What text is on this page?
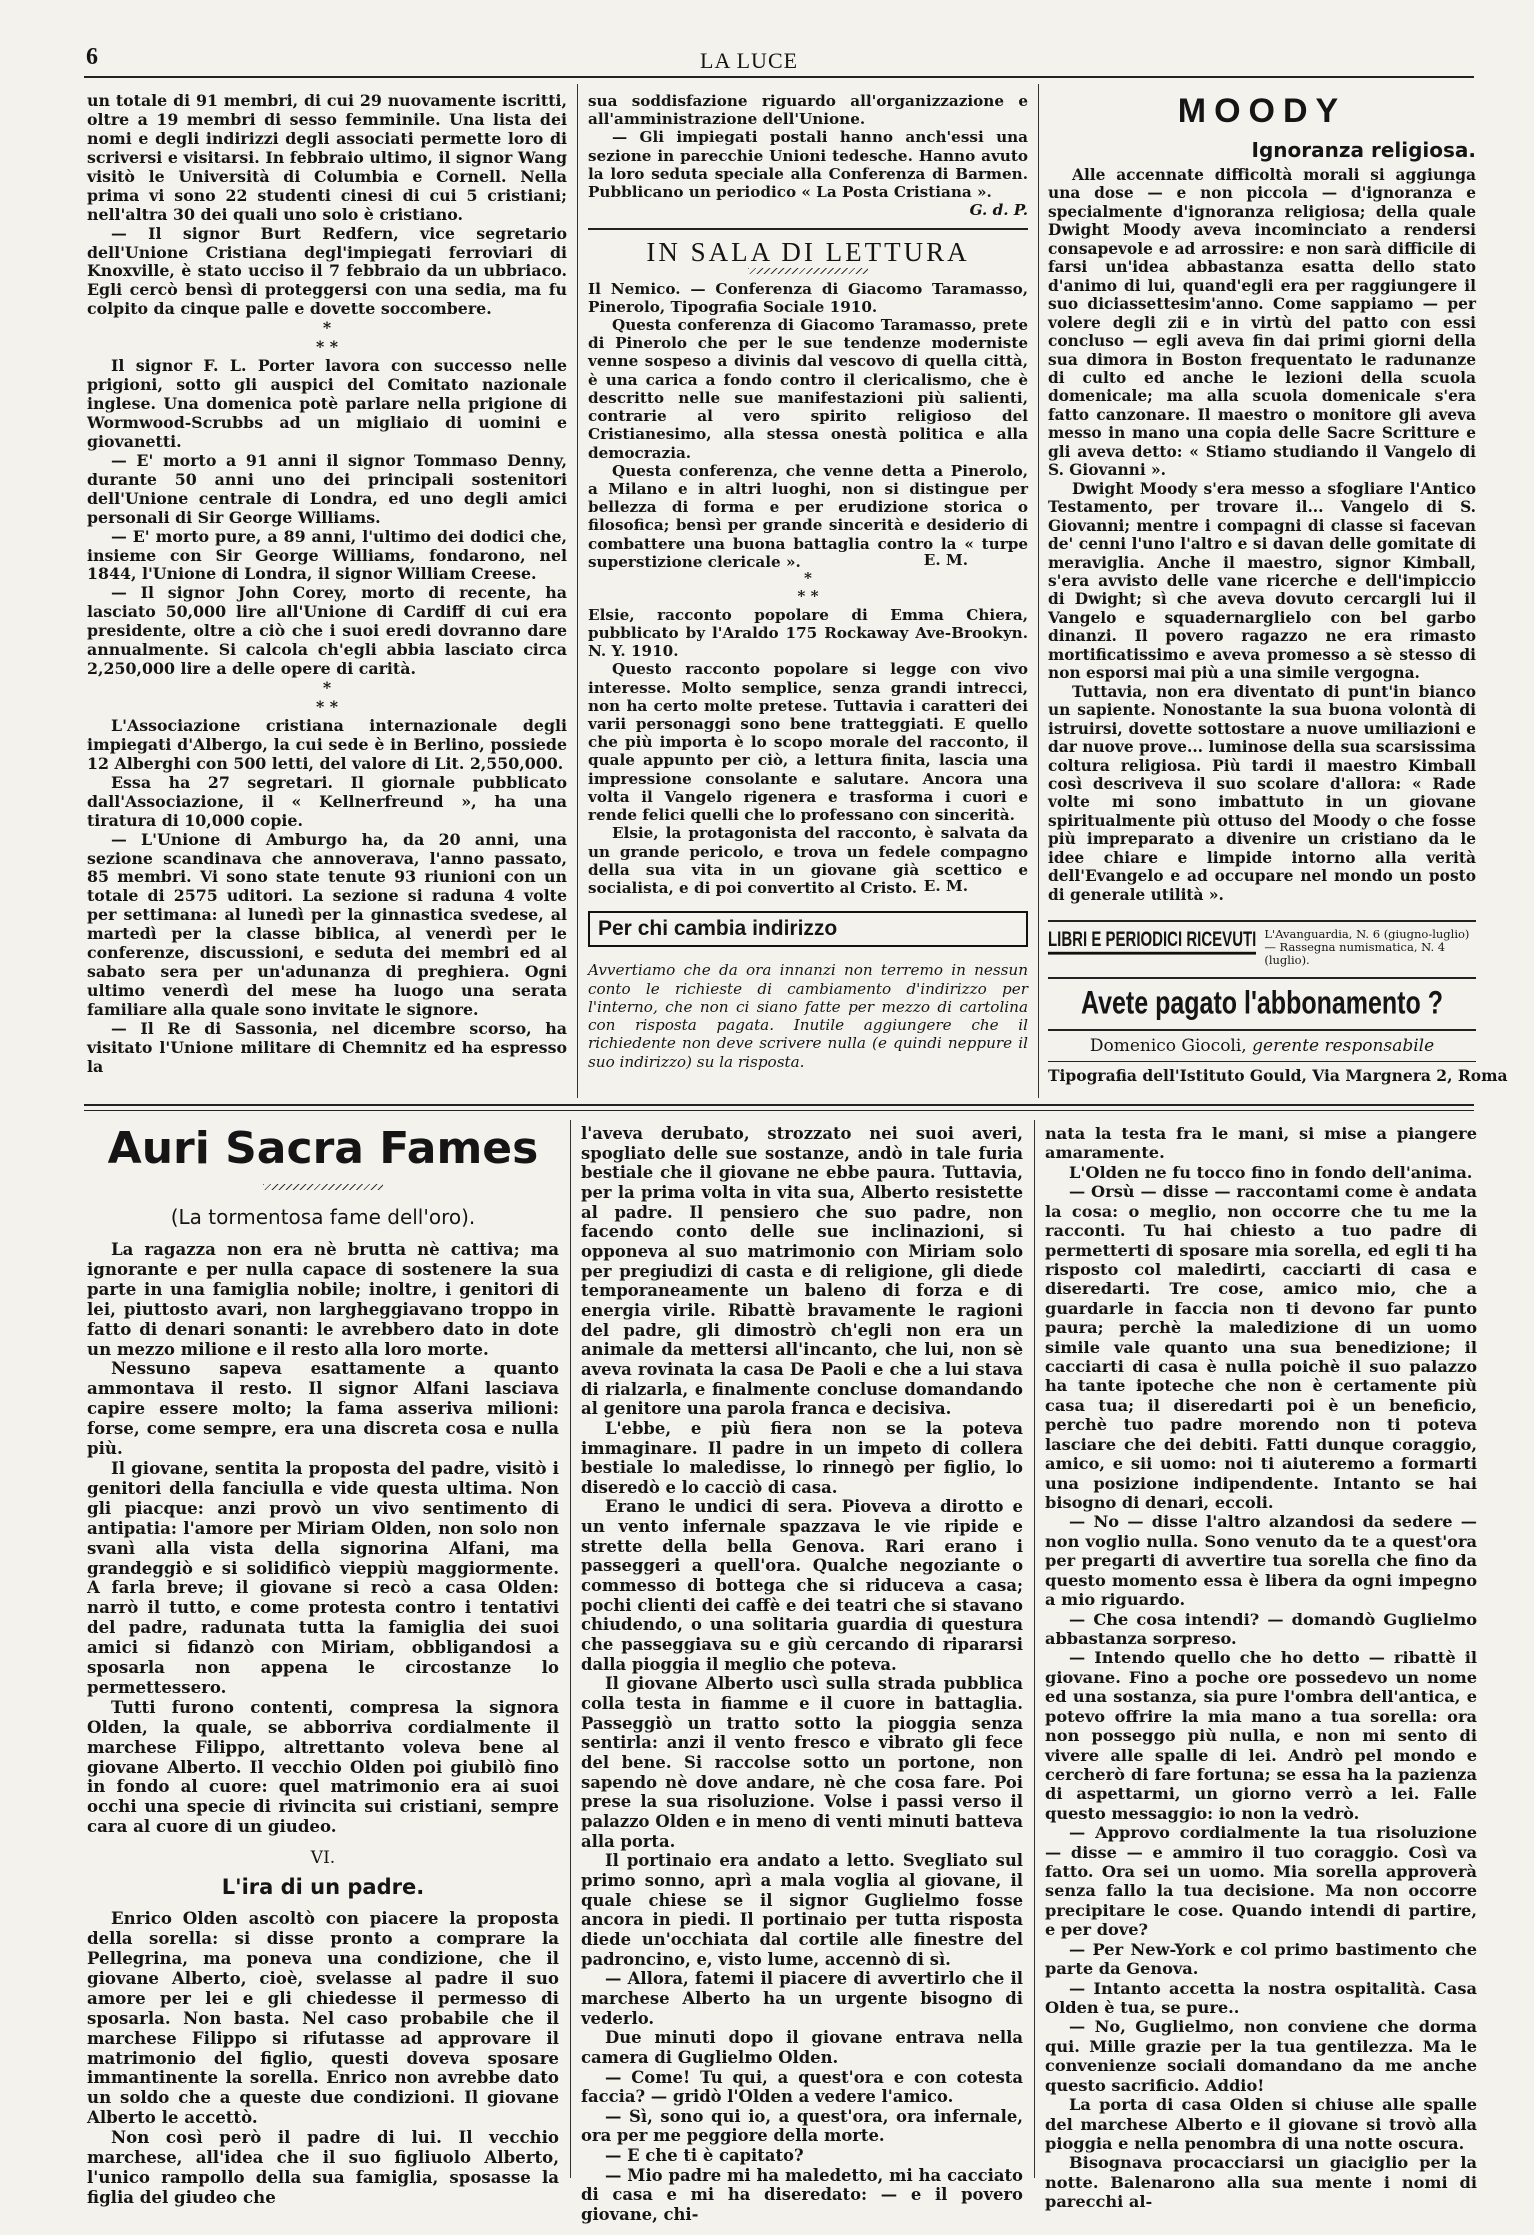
6	LA LUCE

un totale di 91 membri, di cui 29 nuovamente iscritti, oltre a 19 membri di sesso femminile. Una lista dei nomi e degli indirizzi degli associati permette loro di scriversi e visitarsi. In febbraio ultimo, il signor Wang visitò le Università di Columbia e Cornell. Nella prima vi sono 22 studenti cinesi di cui 5 cristiani; nell'altra 30 dei quali uno solo è cristiano.

— Il signor Burt Redfern, vice segretario dell'Unione Cristiana degl'impiegati ferroviari di Knoxville, è stato ucciso il 7 febbraio da un ubbriaco. Egli cercò bensì di proteggersi con una sedia, ma fu colpito da cinque palle e dovette soccombere.

*
* *

Il signor F. L. Porter lavora con successo nelle prigioni, sotto gli auspici del Comitato nazionale inglese. Una domenica potè parlare nella prigione di Wormwood-Scrubbs ad un migliaio di uomini e giovanetti.

— E' morto a 91 anni il signor Tommaso Denny, durante 50 anni uno dei principali sostenitori dell'Unione centrale di Londra, ed uno degli amici personali di Sir George Williams.

— E' morto pure, a 89 anni, l'ultimo dei dodici che, insieme con Sir George Williams, fondarono, nel 1844, l'Unione di Londra, il signor William Creese.

— Il signor John Corey, morto di recente, ha lasciato 50,000 lire all'Unione di Cardiff di cui era presidente, oltre a ciò che i suoi eredi dovranno dare annualmente. Si calcola ch'egli abbia lasciato circa 2,250,000 lire a delle opere di carità.

*
* *

L'Associazione cristiana internazionale degli impiegati d'Albergo, la cui sede è in Berlino, possiede 12 Alberghi con 500 letti, del valore di Lit. 2,550,000.

Essa ha 27 segretari. Il giornale pubblicato dall'Associazione, il « Kellnerfreund », ha una tiratura di 10,000 copie.

— L'Unione di Amburgo ha, da 20 anni, una sezione scandinava che annoverava, l'anno passato, 85 membri. Vi sono state tenute 93 riunioni con un totale di 2575 uditori. La sezione si raduna 4 volte per settimana: al lunedì per la ginnastica svedese, al martedì per la classe biblica, al venerdì per le conferenze, discussioni, e seduta dei membri ed al sabato sera per un'adunanza di preghiera. Ogni ultimo venerdì del mese ha luogo una serata familiare alla quale sono invitate le signore.

— Il Re di Sassonia, nel dicembre scorso, ha visitato l'Unione militare di Chemnitz ed ha espresso la

sua soddisfazione riguardo all'organizzazione e all'amministrazione dell'Unione.

— Gli impiegati postali hanno anch'essi una sezione in parecchie Unioni tedesche. Hanno avuto la loro seduta speciale alla Conferenza di Barmen. Pubblicano un periodico « La Posta Cristiana ».

G. d. P.

IN SALA DI LETTURA

Il Nemico. — Conferenza di Giacomo Taramasso, Pinerolo, Tipografia Sociale 1910.

Questa conferenza di Giacomo Taramasso, prete di Pinerolo che per le sue tendenze moderniste venne sospeso a divinis dal vescovo di quella città, è una carica a fondo contro il clericalismo, che è descritto nelle sue manifestazioni più salienti, contrarie al vero spirito religioso del Cristianesimo, alla stessa onestà politica e alla democrazia.

Questa conferenza, che venne detta a Pinerolo, a Milano e in altri luoghi, non si distingue per bellezza di forma e per erudizione storica o filosofica; bensì per grande sincerità e desiderio di combattere una buona battaglia contro la « turpe superstizione clericale ».	E. M.

*
* *

Elsie, racconto popolare di Emma Chiera, pubblicato by l'Araldo 175 Rockaway Ave-Brookyn. N. Y. 1910.

Questo racconto popolare si legge con vivo interesse. Molto semplice, senza grandi intrecci, non ha certo molte pretese. Tuttavia i caratteri dei varii personaggi sono bene tratteggiati. E quello che più importa è lo scopo morale del racconto, il quale appunto per ciò, a lettura finita, lascia una impressione consolante e salutare. Ancora una volta il Vangelo rigenera e trasforma i cuori e rende felici quelli che lo professano con sincerità.

Elsie, la protagonista del racconto, è salvata da un grande pericolo, e trova un fedele compagno della sua vita in un giovane già scettico e socialista, e di poi convertito al Cristo. E. M.

Per chi cambia indirizzo

Avvertiamo che da ora innanzi non terremo in nessun conto le richieste di cambiamento d'indirizzo per l'interno, che non ci siano fatte per mezzo di cartolina con risposta pagata. Inutile aggiungere che il richiedente non deve scrivere nulla (e quindi neppure il suo indirizzo) su la risposta.

MOODY
Ignoranza religiosa.

Alle accennate difficoltà morali si aggiunga una dose — e non piccola — d'ignoranza e specialmente d'ignoranza religiosa; della quale Dwight Moody aveva incominciato a rendersi consapevole e ad arrossire: e non sarà difficile di farsi un'idea abbastanza esatta dello stato d'animo di lui, quand'egli era per raggiungere il suo diciassettesim'anno. Come sappiamo — per volere degli zii e in virtù del patto con essi concluso — egli aveva fin dai primi giorni della sua dimora in Boston frequentato le radunanze di culto ed anche le lezioni della scuola domenicale; ma alla scuola domenicale s'era fatto canzonare. Il maestro o monitore gli aveva messo in mano una copia delle Sacre Scritture e gli aveva detto: « Stiamo studiando il Vangelo di S. Giovanni ».

Dwight Moody s'era messo a sfogliare l'Antico Testamento, per trovare il... Vangelo di S. Giovanni; mentre i compagni di classe si facevan de' cenni l'uno l'altro e si davan delle gomitate di meraviglia. Anche il maestro, signor Kimball, s'era avvisto delle vane ricerche e dell'impiccio di Dwight; sì che aveva dovuto cercargli lui il Vangelo e squadernarglielo con bel garbo dinanzi. Il povero ragazzo ne era rimasto mortificatissimo e aveva promesso a sè stesso di non esporsi mai più a una simile vergogna.

Tuttavia, non era diventato di punt'in bianco un sapiente. Nonostante la sua buona volontà di istruirsi, dovette sottostare a nuove umiliazioni e dar nuove prove... luminose della sua scarsissima coltura religiosa. Più tardi il maestro Kimball così descriveva il suo scolare d'allora: « Rade volte mi sono imbattuto in un giovane spiritualmente più ottuso del Moody o che fosse più impreparato a divenire un cristiano da le idee chiare e limpide intorno alla verità dell'Evangelo e ad occupare nel mondo un posto di generale utilità ».

LIBRI E PERIODICI RICEVUTI L'Avanguardia, N. 6 (giugno-luglio) — Rassegna numismatica, N. 4 (luglio).
Avete pagato l'abbonamento ?
Domenico Giocoli, gerente responsabile
Tipografia dell'Istituto Gould, Via Margnera 2, Roma
Auri Sacra Fames
(La tormentosa fame dell'oro).

La ragazza non era nè brutta nè cattiva; ma ignorante e per nulla capace di sostenere la sua parte in una famiglia nobile; inoltre, i genitori di lei, piuttosto avari, non largheggiavano troppo in fatto di denari sonanti: le avrebbero dato in dote un mezzo milione e il resto alla loro morte.

Nessuno sapeva esattamente a quanto ammontava il resto. Il signor Alfani lasciava capire essere molto; la fama asseriva milioni: forse, come sempre, era una discreta cosa e nulla più.

Il giovane, sentita la proposta del padre, visitò i genitori della fanciulla e vide questa ultima. Non gli piacque: anzi provò un vivo sentimento di antipatia: l'amore per Miriam Olden, non solo non svanì alla vista della signorina Alfani, ma grandeggiò e si solidificò vieppiù maggiormente. A farla breve; il giovane si recò a casa Olden: narrò il tutto, e come protesta contro i tentativi del padre, radunata tutta la famiglia dei suoi amici si fidanzò con Miriam, obbligandosi a sposarla non appena le circostanze lo permettessero.

Tutti furono contenti, compresa la signora Olden, la quale, se abborriva cordialmente il marchese Filippo, altrettanto voleva bene al giovane Alberto. Il vecchio Olden poi giubilò fino in fondo al cuore: quel matrimonio era ai suoi occhi una specie di rivincita sui cristiani, sempre cara al cuore di un giudeo.

VI.
L'ira di un padre.

Enrico Olden ascoltò con piacere la proposta della sorella: si disse pronto a comprare la Pellegrina, ma poneva una condizione, che il giovane Alberto, cioè, svelasse al padre il suo amore per lei e gli chiedesse il permesso di sposarla. Non basta. Nel caso probabile che il marchese Filippo si rifutasse ad approvare il matrimonio del figlio, questi doveva sposare immantinente la sorella. Enrico non avrebbe dato un soldo che a queste due condizioni. Il giovane Alberto le accettò.

Non così però il padre di lui. Il vecchio marchese, all'idea che il suo figliuolo Alberto, l'unico rampollo della sua famiglia, sposasse la figlia del giudeo che

l'aveva derubato, strozzato nei suoi averi, spogliato delle sue sostanze, andò in tale furia bestiale che il giovane ne ebbe paura. Tuttavia, per la prima volta in vita sua, Alberto resistette al padre. Il pensiero che suo padre, non facendo conto delle sue inclinazioni, si opponeva al suo matrimonio con Miriam solo per pregiudizi di casta e di religione, gli diede temporaneamente un baleno di forza e di energia virile. Ribattè bravamente le ragioni del padre, gli dimostrò ch'egli non era un animale da mettersi all'incanto, che lui, non sè aveva rovinata la casa De Paoli e che a lui stava di rialzarla, e finalmente concluse domandando al genitore una parola franca e decisiva.

L'ebbe, e più fiera non se la poteva immaginare. Il padre in un impeto di collera bestiale lo maledisse, lo rinnegò per figlio, lo diseredò e lo cacciò di casa.

Erano le undici di sera. Pioveva a dirotto e un vento infernale spazzava le vie ripide e strette della bella Genova. Rari erano i passeggeri a quell'ora. Qualche negoziante o commesso di bottega che si riduceva a casa; pochi clienti dei caffè e dei teatri che si stavano chiudendo, o una solitaria guardia di questura che passeggiava su e giù cercando di ripararsi dalla pioggia il meglio che poteva.

Il giovane Alberto uscì sulla strada pubblica colla testa in fiamme e il cuore in battaglia. Passeggiò un tratto sotto la pioggia senza sentirla: anzi il vento fresco e vibrato gli fece del bene. Si raccolse sotto un portone, non sapendo nè dove andare, nè che cosa fare. Poi prese la sua risoluzione. Volse i passi verso il palazzo Olden e in meno di venti minuti batteva alla porta.

Il portinaio era andato a letto. Svegliato sul primo sonno, aprì a mala voglia al giovane, il quale chiese se il signor Guglielmo fosse ancora in piedi. Il portinaio per tutta risposta diede un'occhiata dal cortile alle finestre del padroncino, e, visto lume, accennò di sì.

— Allora, fatemi il piacere di avvertirlo che il marchese Alberto ha un urgente bisogno di vederlo.

Due minuti dopo il giovane entrava nella camera di Guglielmo Olden.

— Come! Tu qui, a quest'ora e con cotesta faccia? — gridò l'Olden a vedere l'amico.

— Sì, sono qui io, a quest'ora, ora infernale, ora per me peggiore della morte.

— E che ti è capitato?

— Mio padre mi ha maledetto, mi ha cacciato di casa e mi ha diseredato: — e il povero giovane, chi-

nata la testa fra le mani, si mise a piangere amaramente.

L'Olden ne fu tocco fino in fondo dell'anima.

— Orsù — disse — raccontami come è andata la cosa: o meglio, non occorre che tu me la racconti. Tu hai chiesto a tuo padre di permetterti di sposare mia sorella, ed egli ti ha risposto col maledirti, cacciarti di casa e diseredarti. Tre cose, amico mio, che a guardarle in faccia non ti devono far punto paura; perchè la maledizione di un uomo simile vale quanto una sua benedizione; il cacciarti di casa è nulla poichè il suo palazzo ha tante ipoteche che non è certamente più casa tua; il diseredarti poi è un beneficio, perchè tuo padre morendo non ti poteva lasciare che dei debiti. Fatti dunque coraggio, amico, e sii uomo: noi ti aiuteremo a formarti una posizione indipendente. Intanto se hai bisogno di denari, eccoli.

— No — disse l'altro alzandosi da sedere — non voglio nulla. Sono venuto da te a quest'ora per pregarti di avvertire tua sorella che fino da questo momento essa è libera da ogni impegno a mio riguardo.

— Che cosa intendi? — domandò Guglielmo abbastanza sorpreso.

— Intendo quello che ho detto — ribattè il giovane. Fino a poche ore possedevo un nome ed una sostanza, sia pure l'ombra dell'antica, e potevo offrire la mia mano a tua sorella: ora non posseggo più nulla, e non mi sento di vivere alle spalle di lei. Andrò pel mondo e cercherò di fare fortuna; se essa ha la pazienza di aspettarmi, un giorno verrò a lei. Falle questo messaggio: io non la vedrò.

— Approvo cordialmente la tua risoluzione — disse — e ammiro il tuo coraggio. Così va fatto. Ora sei un uomo. Mia sorella approverà senza fallo la tua decisione. Ma non occorre precipitare le cose. Quando intendi di partire, e per dove?

— Per New-York e col primo bastimento che parte da Genova.

— Intanto accetta la nostra ospitalità. Casa Olden è tua, se pure..

— No, Guglielmo, non conviene che dorma qui. Mille grazie per la tua gentilezza. Ma le convenienze sociali domandano da me anche questo sacrificio. Addio!

La porta di casa Olden si chiuse alle spalle del marchese Alberto e il giovane si trovò alla pioggia e nella penombra di una notte oscura.

Bisognava procacciarsi un giaciglio per la notte. Balenarono alla sua mente i nomi di parecchi al-
